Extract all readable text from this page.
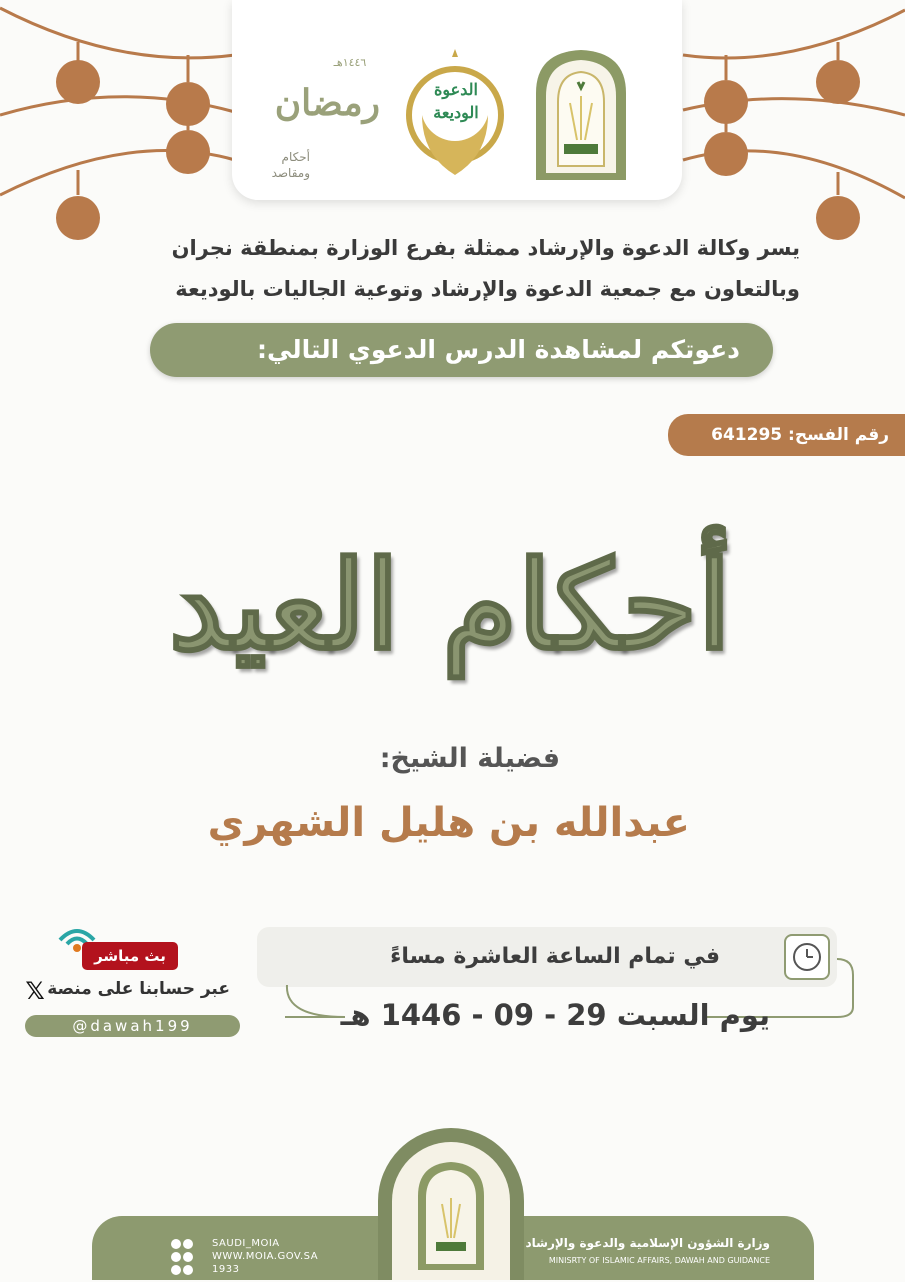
الدعوة
الوديعة
١٤٤٦هـ
رمضان
أحكام
ومقاصد
يسر وكالة الدعوة والإرشاد ممثلة بفرع الوزارة بمنطقة نجران
وبالتعاون مع جمعية الدعوة والإرشاد وتوعية الجاليات بالوديعة
دعوتكم لمشاهدة الدرس الدعوي التالي:
رقم الفسح: 641295
أحكام العيد
فضيلة الشيخ:
عبدالله بن هليل الشهري
في تمام الساعة العاشرة مساءً
يوم السبت 29 - 09 - 1446 هـ
بث مباشر
عبر حسابنا على منصة
𝕏
@dawah199
وزارة الشؤون الإسلامية والدعوة والإرشاد
MINISRTY OF ISLAMIC AFFAIRS, DAWAH AND GUIDANCE
SAUDI_MOIA
WWW.MOIA.GOV.SA
1933
